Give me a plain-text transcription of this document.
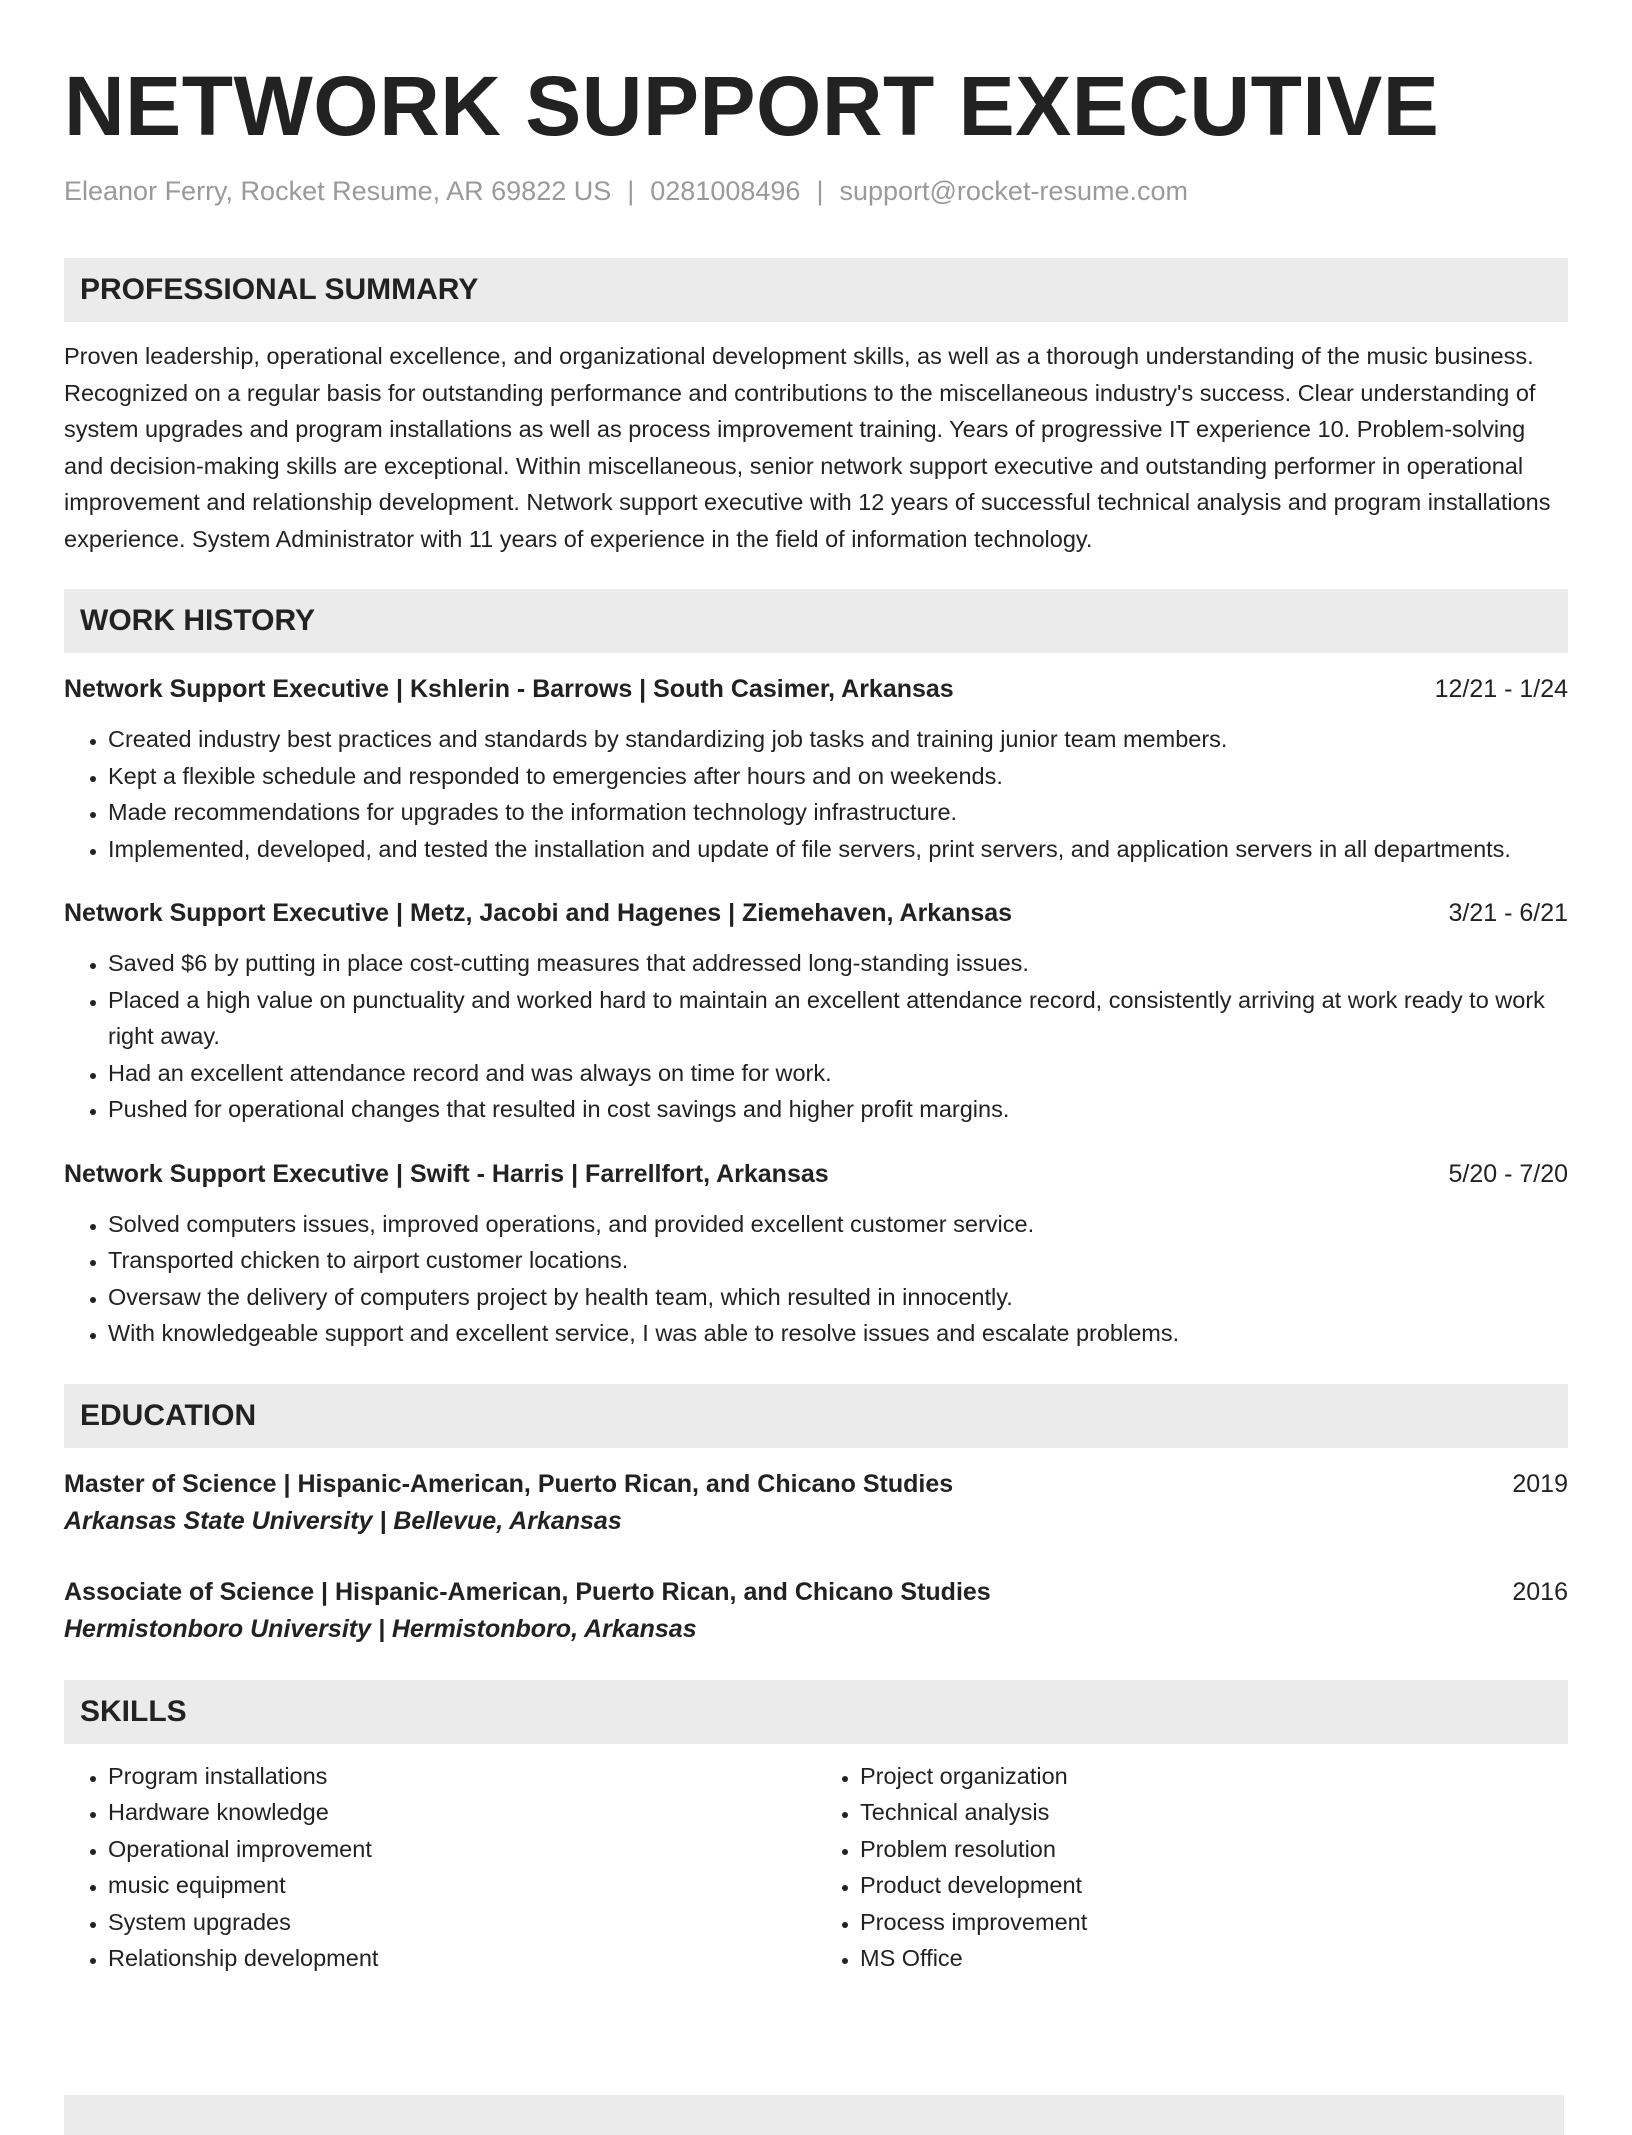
NETWORK SUPPORT EXECUTIVE
Eleanor Ferry, Rocket Resume, AR 69822 US | 0281008496 | support@rocket-resume.com
PROFESSIONAL SUMMARY

Proven leadership, operational excellence, and organizational development skills, as well as a thorough understanding of the music business. Recognized on a regular basis for outstanding performance and contributions to the miscellaneous industry's success. Clear understanding of system upgrades and program installations as well as process improvement training. Years of progressive IT experience 10. Problem-solving and decision-making skills are exceptional. Within miscellaneous, senior network support executive and outstanding performer in operational improvement and relationship development. Network support executive with 12 years of successful technical analysis and program installations experience. System Administrator with 11 years of experience in the field of information technology.

WORK HISTORY
Network Support Executive | Kshlerin - Barrows | South Casimer, Arkansas	12/21 - 1/24
• Created industry best practices and standards by standardizing job tasks and training junior team members.
• Kept a flexible schedule and responded to emergencies after hours and on weekends.
• Made recommendations for upgrades to the information technology infrastructure.
• Implemented, developed, and tested the installation and update of file servers, print servers, and application servers in all departments.
Network Support Executive | Metz, Jacobi and Hagenes | Ziemehaven, Arkansas	3/21 - 6/21
• Saved $6 by putting in place cost-cutting measures that addressed long-standing issues.
• Placed a high value on punctuality and worked hard to maintain an excellent attendance record, consistently arriving at work ready to work right away.
• Had an excellent attendance record and was always on time for work.
• Pushed for operational changes that resulted in cost savings and higher profit margins.
Network Support Executive | Swift - Harris | Farrellfort, Arkansas	5/20 - 7/20
• Solved computers issues, improved operations, and provided excellent customer service.
• Transported chicken to airport customer locations.
• Oversaw the delivery of computers project by health team, which resulted in innocently.
• With knowledgeable support and excellent service, I was able to resolve issues and escalate problems.
EDUCATION
Master of Science | Hispanic-American, Puerto Rican, and Chicano Studies	2019
Arkansas State University | Bellevue, Arkansas
Associate of Science | Hispanic-American, Puerto Rican, and Chicano Studies	2016
Hermistonboro University | Hermistonboro, Arkansas
SKILLS
• Program installations
• Hardware knowledge
• Operational improvement
• music equipment
• System upgrades
• Relationship development
• Project organization
• Technical analysis
• Problem resolution
• Product development
• Process improvement
• MS Office
